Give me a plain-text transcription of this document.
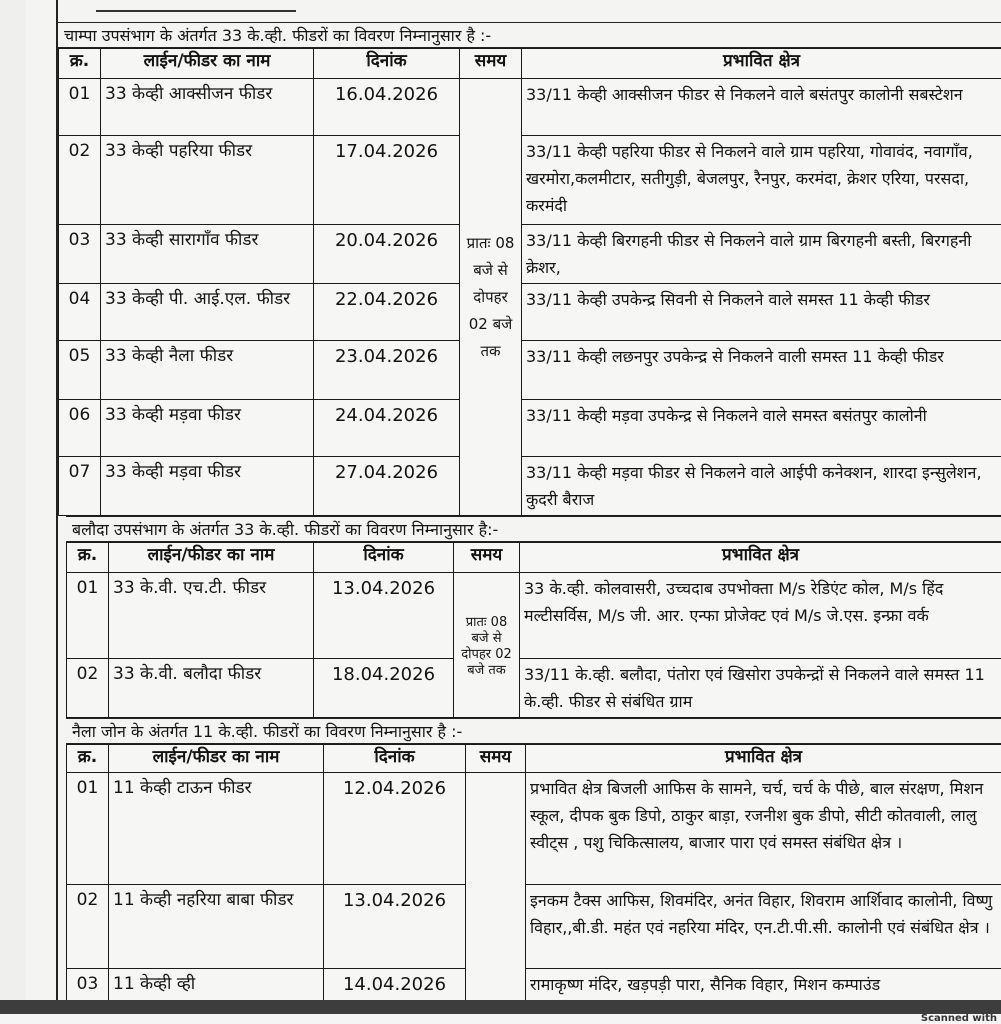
चाम्पा उपसंभाग के अंतर्गत 33 के.व्ही. फीडरों का विवरण निम्नानुसार है :-
क्र.	लाईन/फीडर का नाम	दिनांक	समय	प्रभावित क्षेत्र
01	33 केव्ही आक्सीजन फीडर	16.04.2026	प्रातः 08 बजे से दोपहर 02 बजे तक	33/11 केव्ही आक्सीजन फीडर से निकलने वाले बसंतपुर कालोनी सबस्टेशन
02	33 केव्ही पहरिया फीडर	17.04.2026		33/11 केव्ही पहरिया फीडर से निकलने वाले ग्राम पहरिया, गोवावंद, नवागाँव, खरमोरा,कलमीटार, सतीगुड़ी, बेजलपुर, रैनपुर, करमंदा, क्रेशर एरिया, परसदा, करमंदी
03	33 केव्ही सारागाँव फीडर	20.04.2026		33/11 केव्ही बिरगहनी फीडर से निकलने वाले ग्राम बिरगहनी बस्ती, बिरगहनी क्रेशर,
04	33 केव्ही पी. आई.एल. फीडर	22.04.2026		33/11 केव्ही उपकेन्द्र सिवनी से निकलने वाले समस्त 11 केव्ही फीडर
05	33 केव्ही नैला फीडर	23.04.2026		33/11 केव्ही लछनपुर उपकेन्द्र से निकलने वाली समस्त 11 केव्ही फीडर
06	33 केव्ही मड़वा फीडर	24.04.2026		33/11 केव्ही मड़वा उपकेन्द्र से निकलने वाले समस्त बसंतपुर कालोनी
07	33 केव्ही मड़वा फीडर	27.04.2026		33/11 केव्ही मड़वा फीडर से निकलने वाले आईपी कनेक्शन, शारदा इन्सुलेशन, कुदरी बैराज
बलौदा उपसंभाग के अंतर्गत 33 के.व्ही. फीडरों का विवरण निम्नानुसार है:-
क्र.	लाईन/फीडर का नाम	दिनांक	समय	प्रभावित क्षेत्र
01	33 के.वी. एच.टी. फीडर	13.04.2026	प्रातः 08 बजे से दोपहर 02 बजे तक	33 के.व्ही. कोलवासरी, उच्चदाब उपभोक्ता M/s रेडिएंट कोल, M/s हिंद मल्टीसर्विस, M/s जी. आर. एन्फा प्रोजेक्ट एवं M/s जे.एस. इन्फ्रा वर्क
02	33 के.वी. बलौदा फीडर	18.04.2026		33/11 के.व्ही. बलौदा, पंतोरा एवं खिसोरा उपकेन्द्रों से निकलने वाले समस्त 11 के.व्ही. फीडर से संबंधित ग्राम
नैला जोन के अंतर्गत 11 के.व्ही. फीडरों का विवरण निम्नानुसार है :-
क्र.	लाईन/फीडर का नाम	दिनांक	समय	प्रभावित क्षेत्र
01	11 केव्ही टाऊन फीडर	12.04.2026		प्रभावित क्षेत्र बिजली आफिस के सामने, चर्च, चर्च के पीछे, बाल संरक्षण, मिशन स्कूल, दीपक बुक डिपो, ठाकुर बाड़ा, रजनीश बुक डीपो, सीटी कोतवाली, लालु स्वीट्स , पशु चिकित्सालय, बाजार पारा एवं समस्त संबंधित क्षेत्र ।
02	11 केव्ही नहरिया बाबा फीडर	13.04.2026		इनकम टैक्स आफिस, शिवमंदिर, अनंत विहार, शिवराम आर्शिवाद कालोनी, विष्णु विहार,,बी.डी. महंत एवं नहरिया मंदिर, एन.टी.पी.सी. कालोनी एवं संबंधित क्षेत्र ।
03	11 केव्ही व्ही	14.04.2026		रामाकृष्ण मंदिर, खड़पड़ी पारा, सैनिक विहार, मिशन कम्पाउंड
Scanned with
